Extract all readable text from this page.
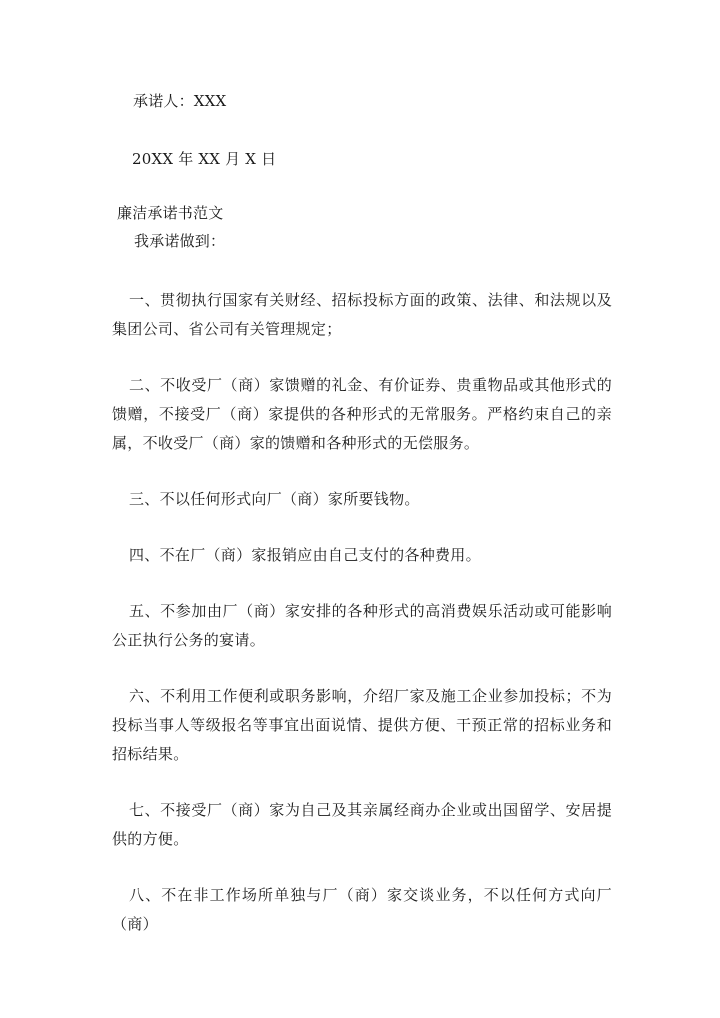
承诺人：XXX
20XX 年 XX 月 X 日
廉洁承诺书范文
我承诺做到：
一、贯彻执行国家有关财经、招标投标方面的政策、法律、和法规以及集团公司、省公司有关管理规定；
二、不收受厂（商）家馈赠的礼金、有价证券、贵重物品或其他形式的馈赠，不接受厂（商）家提供的各种形式的无常服务。严格约束自己的亲属，不收受厂（商）家的馈赠和各种形式的无偿服务。
三、不以任何形式向厂（商）家所要钱物。
四、不在厂（商）家报销应由自己支付的各种费用。
五、不参加由厂（商）家安排的各种形式的高消费娱乐活动或可能影响公正执行公务的宴请。
六、不利用工作便利或职务影响，介绍厂家及施工企业参加投标；不为投标当事人等级报名等事宜出面说情、提供方便、干预正常的招标业务和招标结果。
七、不接受厂（商）家为自己及其亲属经商办企业或出国留学、安居提供的方便。
八、不在非工作场所单独与厂（商）家交谈业务，不以任何方式向厂（商）
